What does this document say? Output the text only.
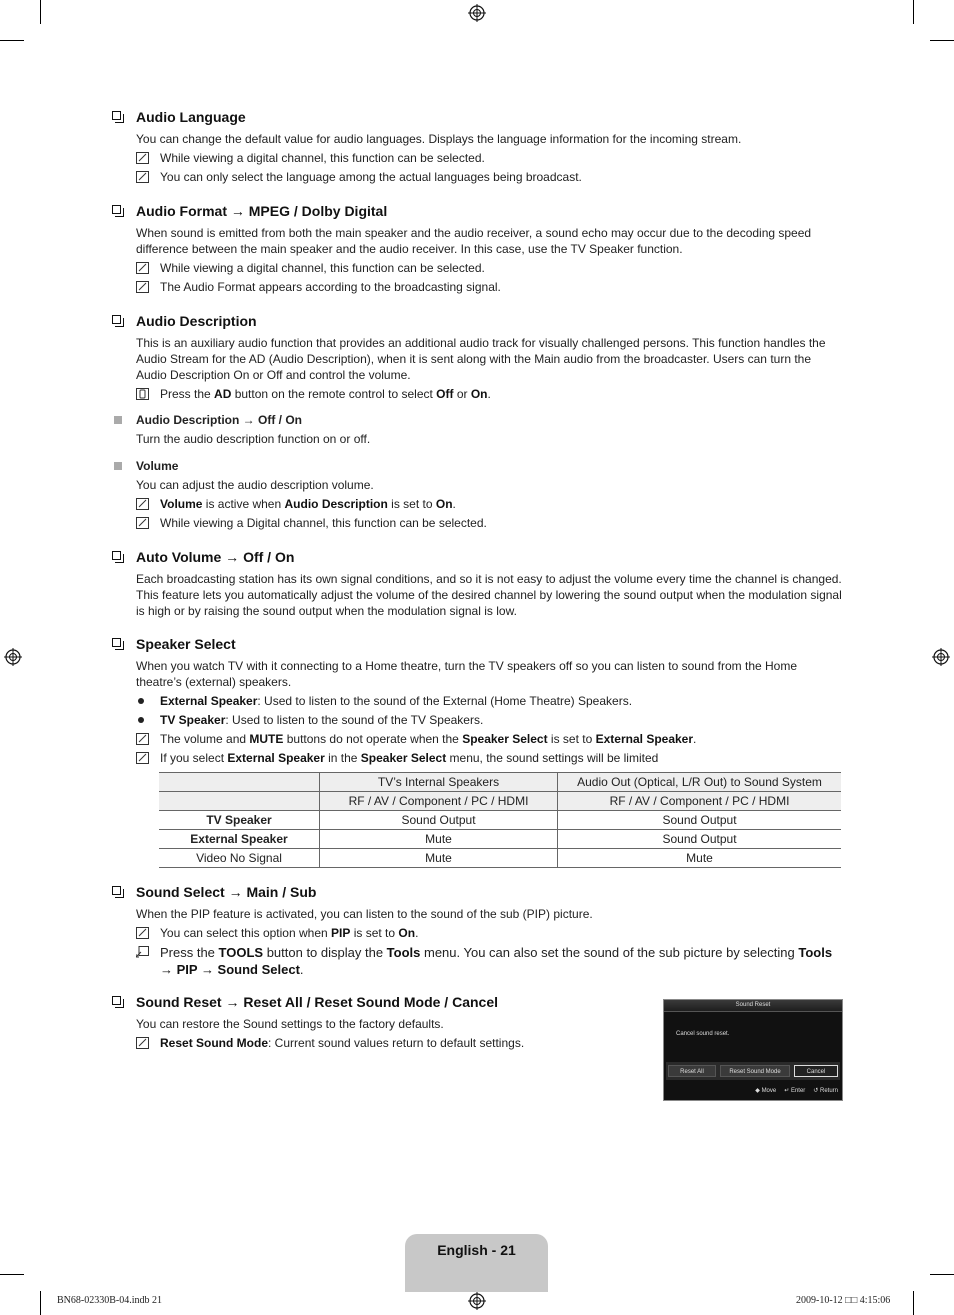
Audio Language
You can change the default value for audio languages. Displays the language information for the incoming stream.
While viewing a digital channel, this function can be selected.
You can only select the language among the actual languages being broadcast.
Audio Format → MPEG / Dolby Digital
When sound is emitted from both the main speaker and the audio receiver, a sound echo may occur due to the decoding speed difference between the main speaker and the audio receiver. In this case, use the TV Speaker function.
While viewing a digital channel, this function can be selected.
The Audio Format appears according to the broadcasting signal.
Audio Description
This is an auxiliary audio function that provides an additional audio track for visually challenged persons. This function handles the Audio Stream for the AD (Audio Description), when it is sent along with the Main audio from the broadcaster. Users can turn the Audio Description On or Off and control the volume.
Press the AD button on the remote control to select Off or On.
Audio Description → Off / On
Turn the audio description function on or off.
Volume
You can adjust the audio description volume.
Volume is active when Audio Description is set to On.
While viewing a Digital channel, this function can be selected.
Auto Volume → Off / On
Each broadcasting station has its own signal conditions, and so it is not easy to adjust the volume every time the channel is changed. This feature lets you automatically adjust the volume of the desired channel by lowering the sound output when the modulation signal is high or by raising the sound output when the modulation signal is low.
Speaker Select
When you watch TV with it connecting to a Home theatre, turn the TV speakers off so you can listen to sound from the Home theatre’s (external) speakers.
External Speaker: Used to listen to the sound of the External (Home Theatre) Speakers.
TV Speaker: Used to listen to the sound of the TV Speakers.
The volume and MUTE buttons do not operate when the Speaker Select is set to External Speaker.
If you select External Speaker in the Speaker Select menu, the sound settings will be limited
	TV’s Internal Speakers	Audio Out (Optical, L/R Out) to Sound System
	RF / AV / Component / PC / HDMI	RF / AV / Component / PC / HDMI
TV Speaker	Sound Output	Sound Output
External Speaker	Mute	Sound Output
Video No Signal	Mute	Mute
Sound Select → Main / Sub
When the PIP feature is activated, you can listen to the sound of the sub (PIP) picture.
You can select this option when PIP is set to On.
Press the TOOLS button to display the Tools menu. You can also set the sound of the sub picture by selecting Tools → PIP → Sound Select.
Sound Reset → Reset All / Reset Sound Mode / Cancel
You can restore the Sound settings to the factory defaults.
Reset Sound Mode: Current sound values return to default settings.
Sound Reset
Cancel sound reset.
Reset All	Reset Sound Mode	Cancel
◆ Move ↵ Enter ↺ Return
English - 21
BN68-02330B-04.indb 21	2009-10-12 □□ 4:15:06
